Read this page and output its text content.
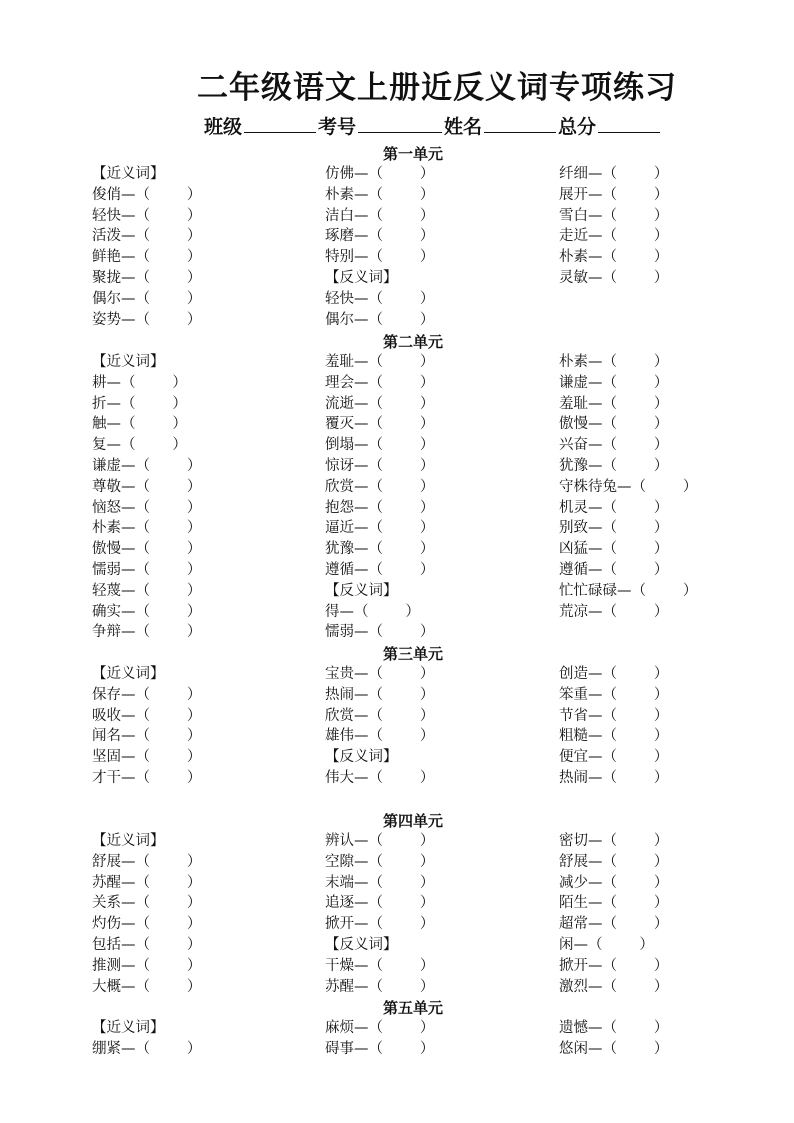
二年级语文上册近反义词专项练习
班级	考号	姓名	总分
第一单元
【近义词】
俊俏—（        ）
轻快—（        ）
活泼—（        ）
鲜艳—（        ）
聚拢—（        ）
偶尔—（        ）
姿势—（        ）
仿佛—（        ）
朴素—（        ）
洁白—（        ）
琢磨—（        ）
特别—（        ）
【反义词】
轻快—（        ）
偶尔—（        ）
纤细—（        ）
展开—（        ）
雪白—（        ）
走近—（        ）
朴素—（        ）
灵敏—（        ）
第二单元
【近义词】
耕—（        ）
折—（        ）
触—（        ）
复—（        ）
谦虚—（        ）
尊敬—（        ）
恼怒—（        ）
朴素—（        ）
傲慢—（        ）
懦弱—（        ）
轻蔑—（        ）
确实—（        ）
争辩—（        ）
羞耻—（        ）
理会—（        ）
流逝—（        ）
覆灭—（        ）
倒塌—（        ）
惊讶—（        ）
欣赏—（        ）
抱怨—（        ）
逼近—（        ）
犹豫—（        ）
遵循—（        ）
【反义词】
得—（        ）
懦弱—（        ）
朴素—（        ）
谦虚—（        ）
羞耻—（        ）
傲慢—（        ）
兴奋—（        ）
犹豫—（        ）
守株待兔—（        ）
机灵—（        ）
别致—（        ）
凶猛—（        ）
遵循—（        ）
忙忙碌碌—（        ）
荒凉—（        ）
第三单元
【近义词】
保存—（        ）
吸收—（        ）
闻名—（        ）
坚固—（        ）
才干—（        ）
宝贵—（        ）
热闹—（        ）
欣赏—（        ）
雄伟—（        ）
【反义词】
伟大—（        ）
创造—（        ）
笨重—（        ）
节省—（        ）
粗糙—（        ）
便宜—（        ）
热闹—（        ）
第四单元
【近义词】
舒展—（        ）
苏醒—（        ）
关系—（        ）
灼伤—（        ）
包括—（        ）
推测—（        ）
大概—（        ）
辨认—（        ）
空隙—（        ）
末端—（        ）
追逐—（        ）
掀开—（        ）
【反义词】
干燥—（        ）
苏醒—（        ）
密切—（        ）
舒展—（        ）
减少—（        ）
陌生—（        ）
超常—（        ）
闲—（        ）
掀开—（        ）
激烈—（        ）
第五单元
【近义词】
绷紧—（        ）
麻烦—（        ）
碍事—（        ）
遗憾—（        ）
悠闲—（        ）
